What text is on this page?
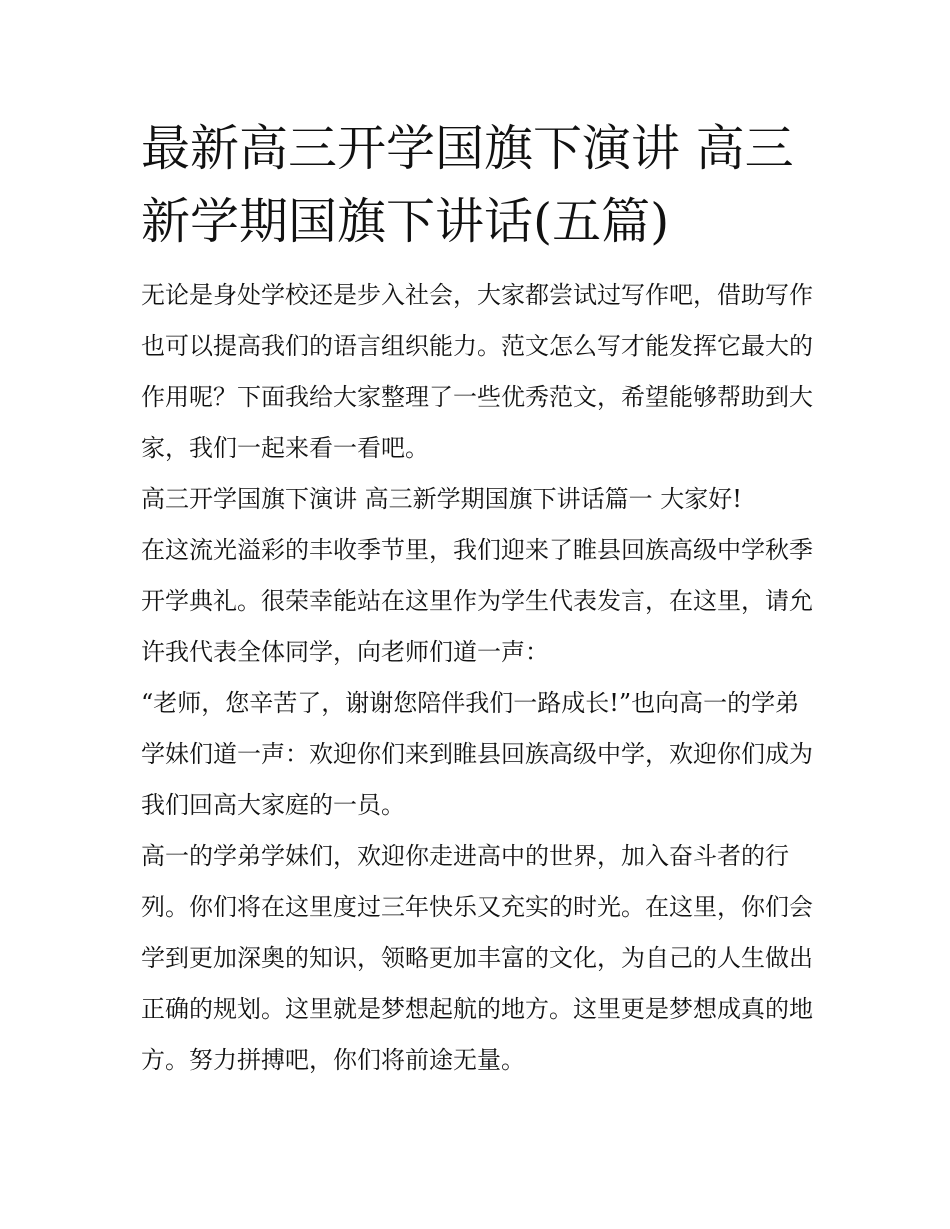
最新高三开学国旗下演讲 高三新学期国旗下讲话(五篇)

无论是身处学校还是步入社会，大家都尝试过写作吧，借助写作也可以提高我们的语言组织能力。范文怎么写才能发挥它最大的作用呢？下面我给大家整理了一些优秀范文，希望能够帮助到大家，我们一起来看一看吧。

高三开学国旗下演讲 高三新学期国旗下讲话篇一 大家好!

在这流光溢彩的丰收季节里，我们迎来了睢县回族高级中学秋季开学典礼。很荣幸能站在这里作为学生代表发言，在这里，请允许我代表全体同学，向老师们道一声：

“老师，您辛苦了，谢谢您陪伴我们一路成长!”也向高一的学弟学妹们道一声：欢迎你们来到睢县回族高级中学，欢迎你们成为我们回高大家庭的一员。

高一的学弟学妹们，欢迎你走进高中的世界，加入奋斗者的行列。你们将在这里度过三年快乐又充实的时光。在这里，你们会学到更加深奥的知识，领略更加丰富的文化，为自己的人生做出正确的规划。这里就是梦想起航的地方。这里更是梦想成真的地方。努力拼搏吧，你们将前途无量。
